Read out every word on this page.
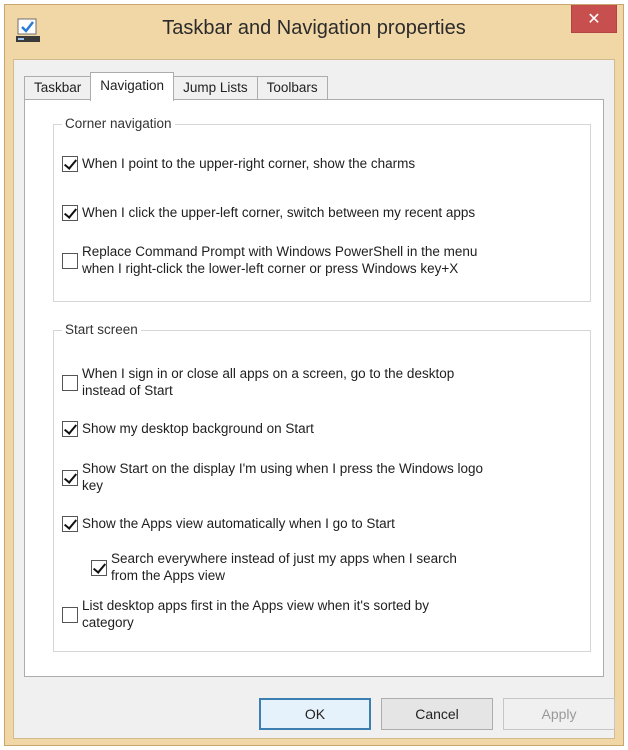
Taskbar and Navigation properties	✕
Taskbar	Navigation	Jump Lists	Toolbars
Corner navigation
When I point to the upper-right corner, show the charms
When I click the upper-left corner, switch between my recent apps
Replace Command Prompt with Windows PowerShell in the menu
when I right-click the lower-left corner or press Windows key+X
Start screen
When I sign in or close all apps on a screen, go to the desktop
instead of Start
Show my desktop background on Start
Show Start on the display I'm using when I press the Windows logo
key
Show the Apps view automatically when I go to Start
Search everywhere instead of just my apps when I search
from the Apps view
List desktop apps first in the Apps view when it's sorted by
category
OK	Cancel	Apply
